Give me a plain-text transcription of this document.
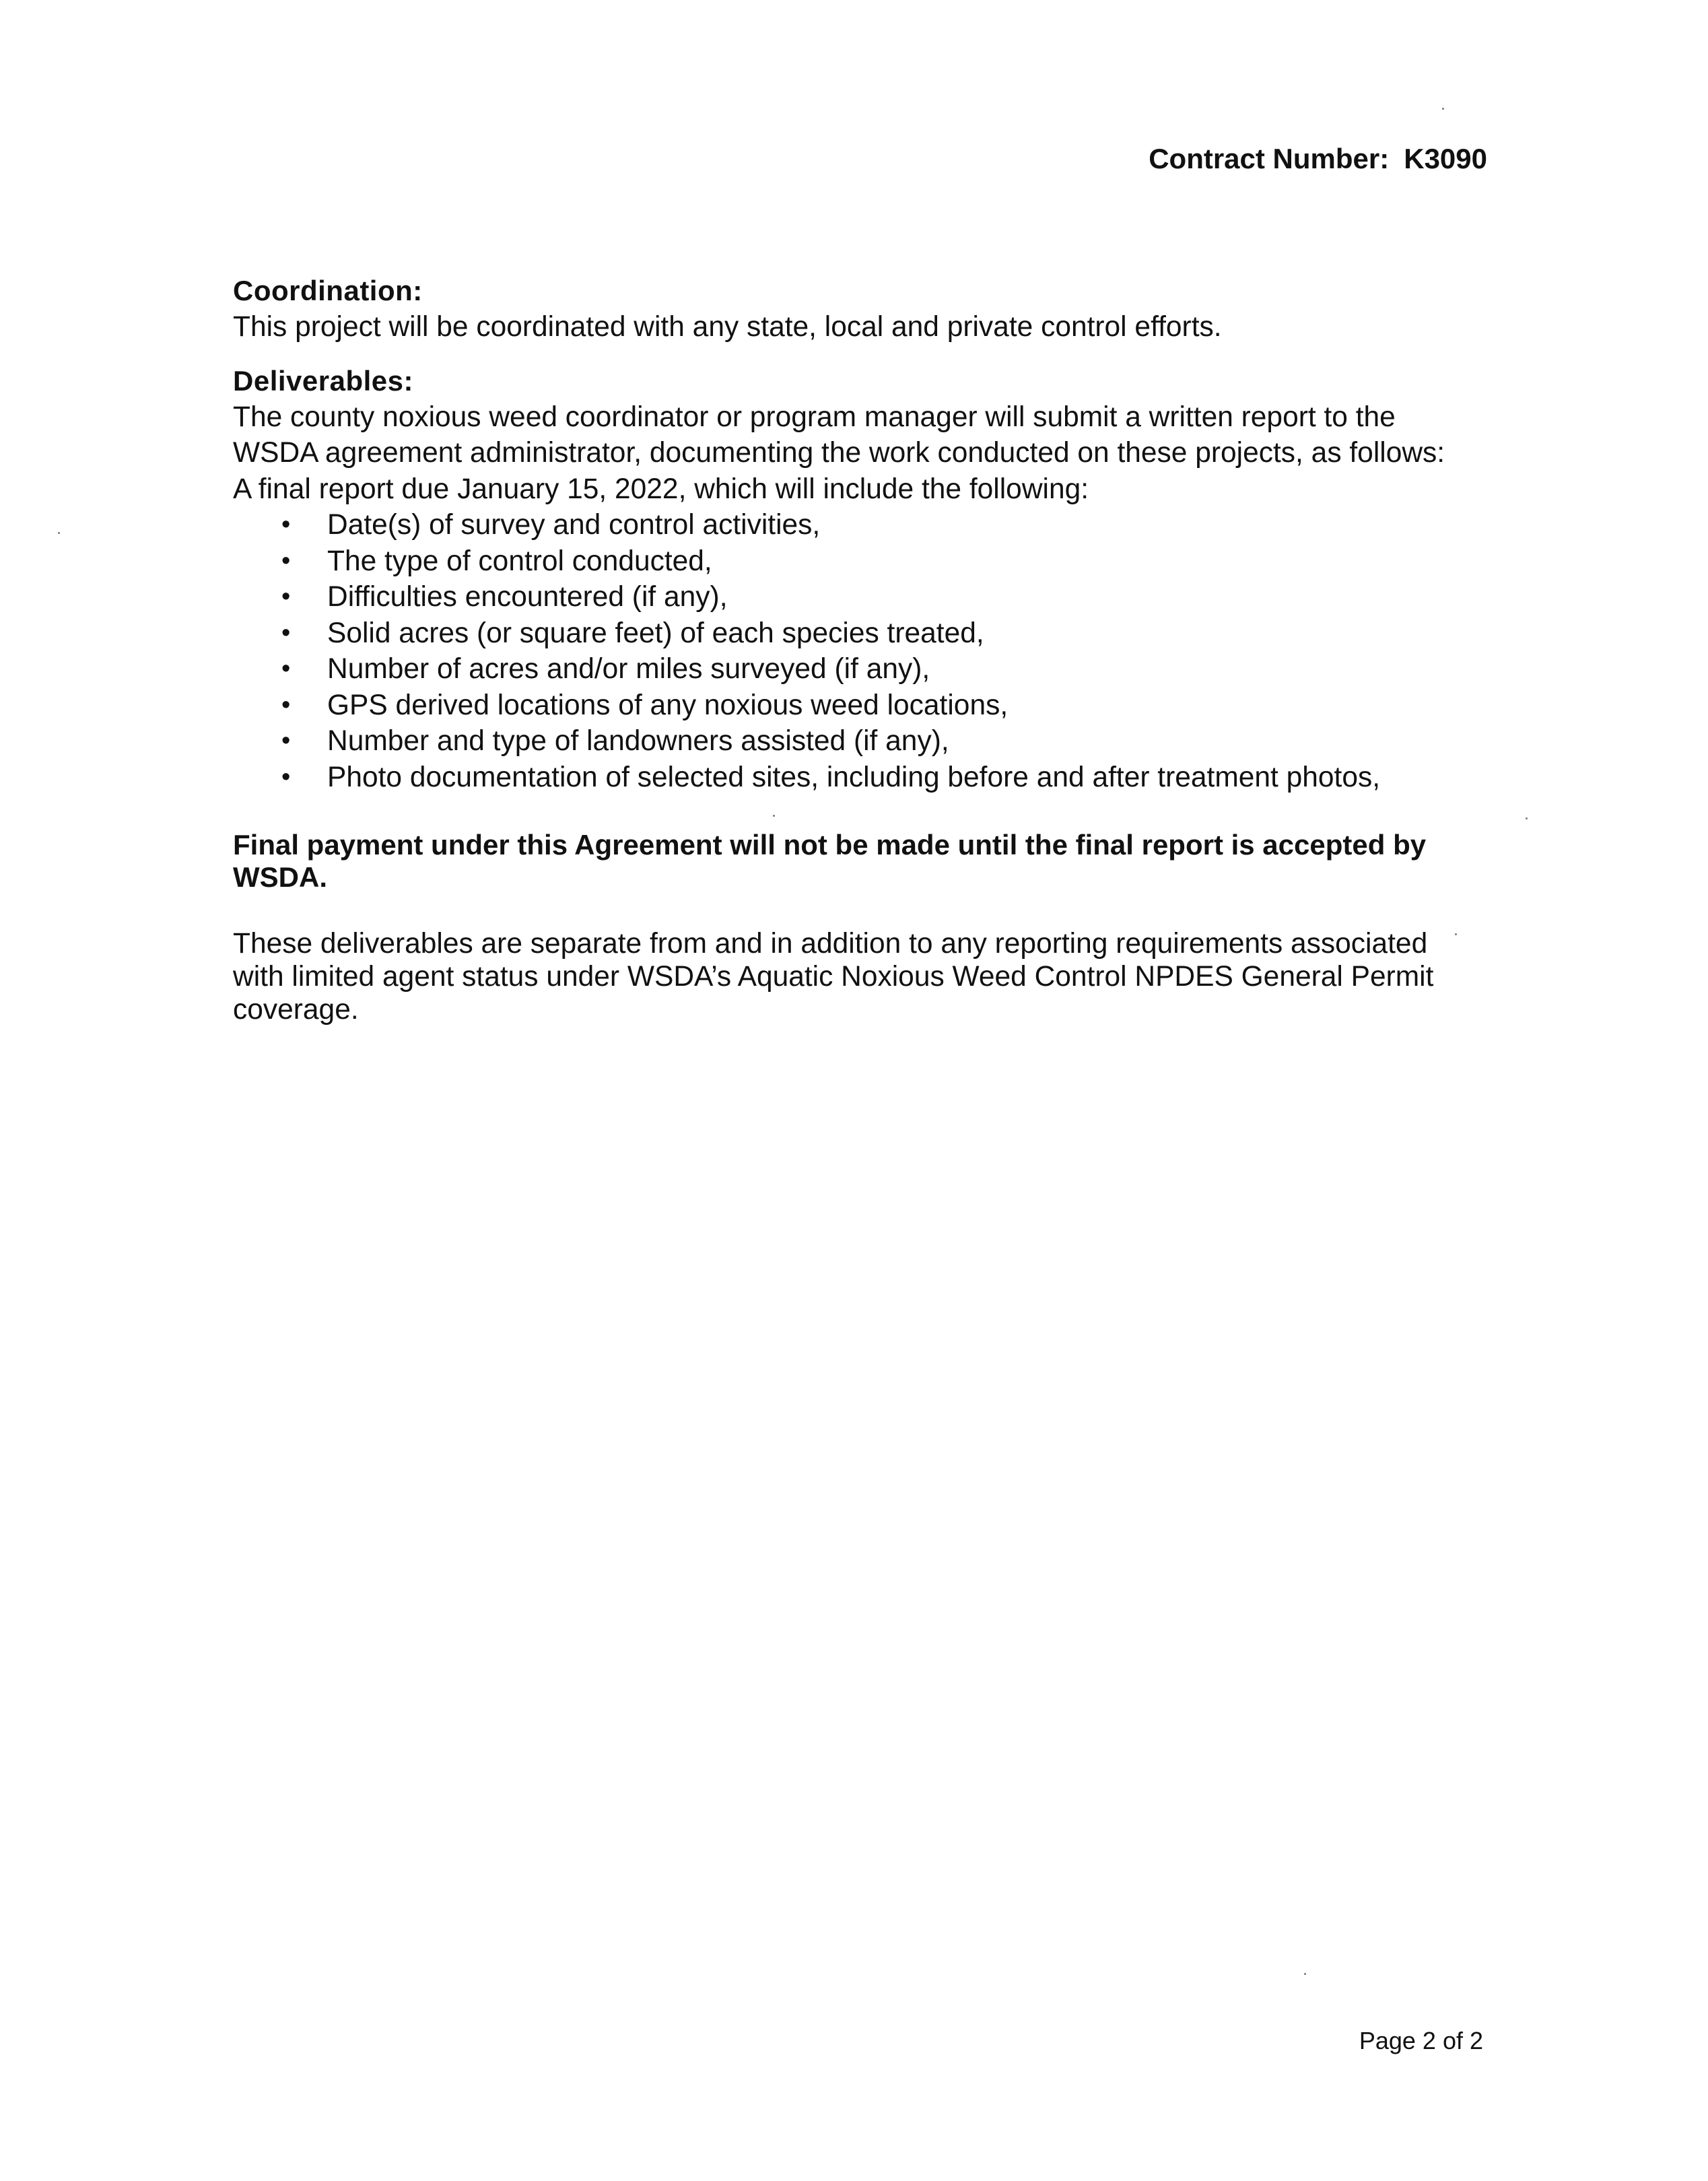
Contract Number: K3090
Coordination:

This project will be coordinated with any state, local and private control efforts.

Deliverables:
The county noxious weed coordinator or program manager will submit a written report to the
WSDA agreement administrator, documenting the work conducted on these projects, as follows:
A final report due January 15, 2022, which will include the following:
• Date(s) of survey and control activities,
• The type of control conducted,
• Difficulties encountered (if any),
• Solid acres (or square feet) of each species treated,
• Number of acres and/or miles surveyed (if any),
• GPS derived locations of any noxious weed locations,
• Number and type of landowners assisted (if any),
• Photo documentation of selected sites, including before and after treatment photos,
Final payment under this Agreement will not be made until the final report is accepted by
WSDA.
These deliverables are separate from and in addition to any reporting requirements associated
with limited agent status under WSDA’s Aquatic Noxious Weed Control NPDES General Permit
coverage.
Page 2 of 2
